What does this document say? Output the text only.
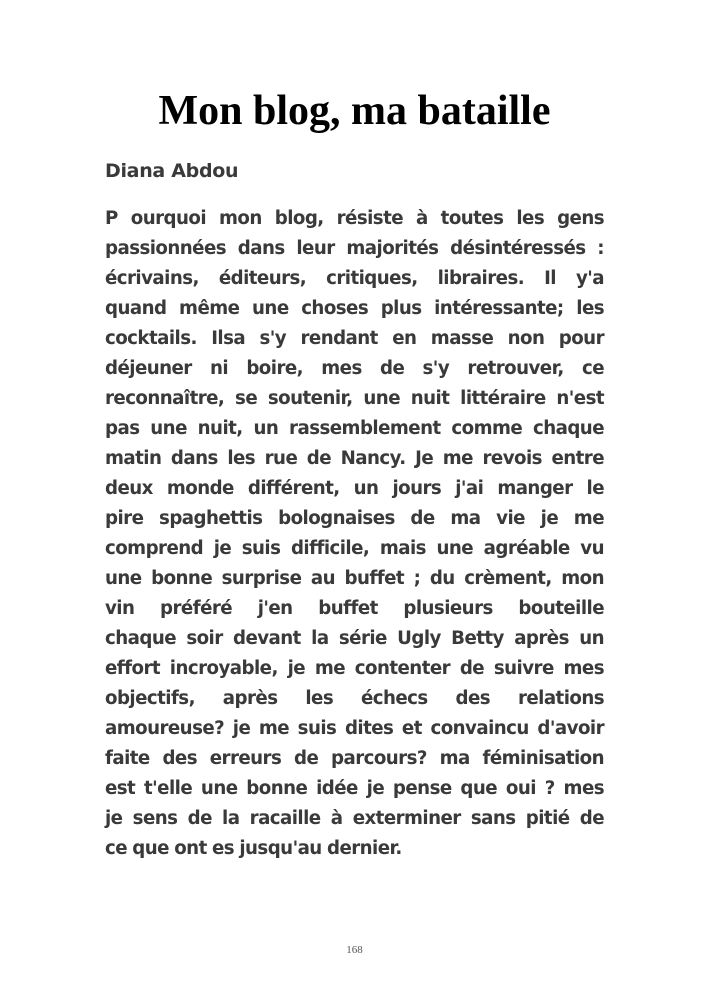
Mon blog, ma bataille

Diana Abdou

P ourquoi mon blog, résiste à toutes les gens
passionnées dans leur majorités désintéressés :
écrivains, éditeurs, critiques, libraires. Il y'a
quand même une choses plus intéressante; les
cocktails. Ilsa s'y rendant en masse non pour
déjeuner ni boire, mes de s'y retrouver, ce
reconnaître, se soutenir, une nuit littéraire n'est
pas une nuit, un rassemblement comme chaque
matin dans les rue de Nancy. Je me revois entre
deux monde différent, un jours j'ai manger le
pire spaghettis bolognaises de ma vie je me
comprend je suis difficile, mais une agréable vu
une bonne surprise au buffet ; du crèment, mon
vin préféré j'en buffet plusieurs bouteille
chaque soir devant la série Ugly Betty après un
effort incroyable, je me contenter de suivre mes
objectifs, après les échecs des relations
amoureuse? je me suis dites et convaincu d'avoir
faite des erreurs de parcours? ma féminisation
est t'elle une bonne idée je pense que oui ? mes
je sens de la racaille à exterminer sans pitié de
ce que ont es jusqu'au dernier.

168
